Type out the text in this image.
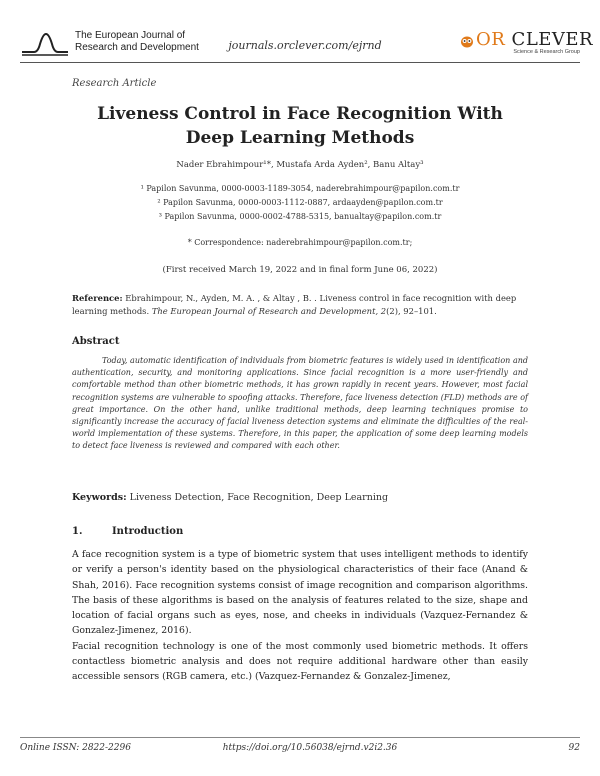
The European Journal of
Research and Development	journals.orclever.com/ejrnd	OR CLEVER
Science & Research Group
Research Article
Liveness Control in Face Recognition With Deep Learning Methods
Nader Ebrahimpour¹*, Mustafa Arda Ayden², Banu Altay³
¹ Papilon Savunma, 0000-0003-1189-3054, naderebrahimpour@papilon.com.tr
² Papilon Savunma, 0000-0003-1112-0887, ardaayden@papilon.com.tr
³ Papilon Savunma, 0000-0002-4788-5315, banualtay@papilon.com.tr
* Correspondence: naderebrahimpour@papilon.com.tr;
(First received March 19, 2022 and in final form June 06, 2022)
Reference: Ebrahimpour, N., Ayden, M. A. , & Altay , B. . Liveness control in face recognition with deep learning methods. The European Journal of Research and Development, 2(2), 92–101.
Abstract
Today, automatic identification of individuals from biometric features is widely used in identification and authentication, security, and monitoring applications. Since facial recognition is a more user-friendly and comfortable method than other biometric methods, it has grown rapidly in recent years. However, most facial recognition systems are vulnerable to spoofing attacks. Therefore, face liveness detection (FLD) methods are of great importance. On the other hand, unlike traditional methods, deep learning techniques promise to significantly increase the accuracy of facial liveness detection systems and eliminate the difficulties of the real-world implementation of these systems. Therefore, in this paper, the application of some deep learning models to detect face liveness is reviewed and compared with each other.
Keywords: Liveness Detection, Face Recognition, Deep Learning
1.	Introduction

A face recognition system is a type of biometric system that uses intelligent methods to identify or verify a person's identity based on the physiological characteristics of their face (Anand & Shah, 2016). Face recognition systems consist of image recognition and comparison algorithms. The basis of these algorithms is based on the analysis of features related to the size, shape and location of facial organs such as eyes, nose, and cheeks in individuals (Vazquez-Fernandez & Gonzalez-Jimenez, 2016).

Facial recognition technology is one of the most commonly used biometric methods. It offers contactless biometric analysis and does not require additional hardware other than easily accessible sensors (RGB camera, etc.) (Vazquez-Fernandez & Gonzalez-Jimenez,

Online ISSN: 2822-2296	https://doi.org/10.56038/ejrnd.v2i2.36	92
